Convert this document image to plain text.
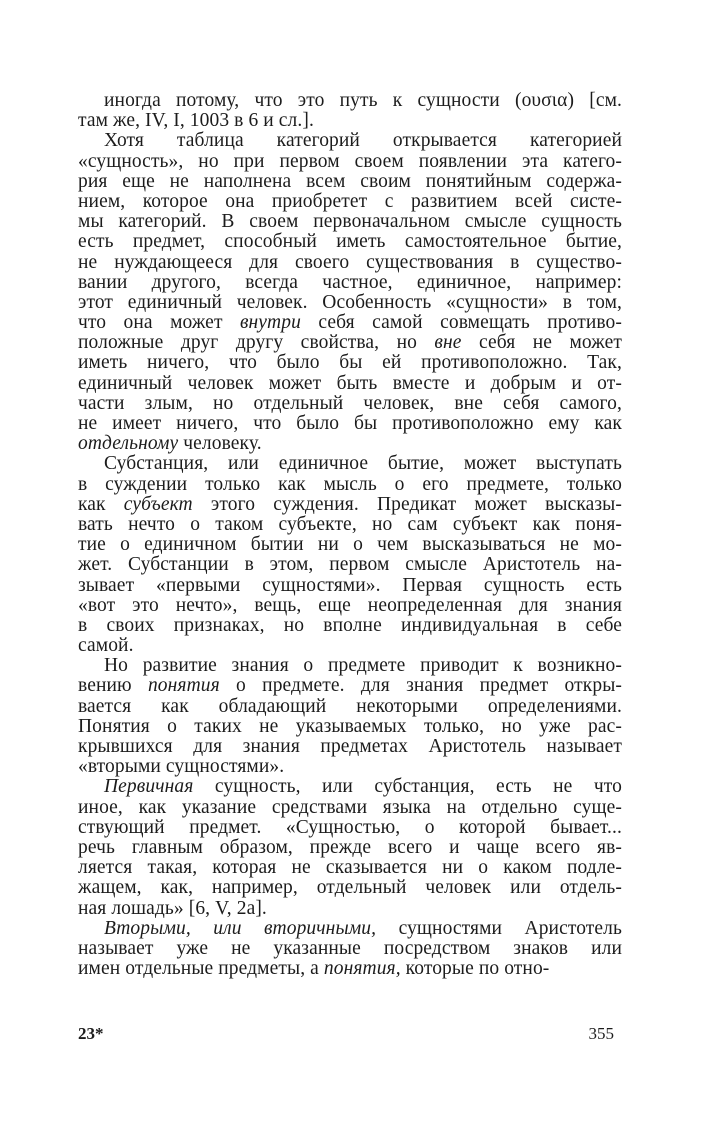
иногда потому, что это путь к сущности (ουσια) [см.
там же, IV, I, 1003 в 6 и сл.].
Хотя таблица категорий открывается категорией
«сущность», но при первом своем появлении эта катего-
рия еще не наполнена всем своим понятийным содержа-
нием, которое она приобретет с развитием всей систе-
мы категорий. В своем первоначальном смысле сущность
есть предмет, способный иметь самостоятельное бытие,
не нуждающееся для своего существования в существо-
вании другого, всегда частное, единичное, например:
этот единичный человек. Особенность «сущности» в том,
что она может внутри себя самой совмещать противо-
положные друг другу свойства, но вне себя не может
иметь ничего, что было бы ей противоположно. Так,
единичный человек может быть вместе и добрым и от-
части злым, но отдельный человек, вне себя самого,
не имеет ничего, что было бы противоположно ему как
отдельному человеку.
Субстанция, или единичное бытие, может выступать
в суждении только как мысль о его предмете, только
как субъект этого суждения. Предикат может высказы-
вать нечто о таком субъекте, но сам субъект как поня-
тие о единичном бытии ни о чем высказываться не мо-
жет. Субстанции в этом, первом смысле Аристотель на-
зывает «первыми сущностями». Первая сущность есть
«вот это нечто», вещь, еще неопределенная для знания
в своих признаках, но вполне индивидуальная в себе
самой.
Но развитие знания о предмете приводит к возникно-
вению понятия о предмете. для знания предмет откры-
вается как обладающий некоторыми определениями.
Понятия о таких не указываемых только, но уже рас-
крывшихся для знания предметах Аристотель называет
«вторыми сущностями».
Первичная сущность, или субстанция, есть не что
иное, как указание средствами языка на отдельно суще-
ствующий предмет. «Сущностью, о которой бывает...
речь главным образом, прежде всего и чаще всего яв-
ляется такая, которая не сказывается ни о каком подле-
жащем, как, например, отдельный человек или отдель-
ная лошадь» [6, V, 2а].
Вторыми, или вторичными, сущностями Аристотель
называет уже не указанные посредством знаков или
имен отдельные предметы, а понятия, которые по отно-
23*	355
